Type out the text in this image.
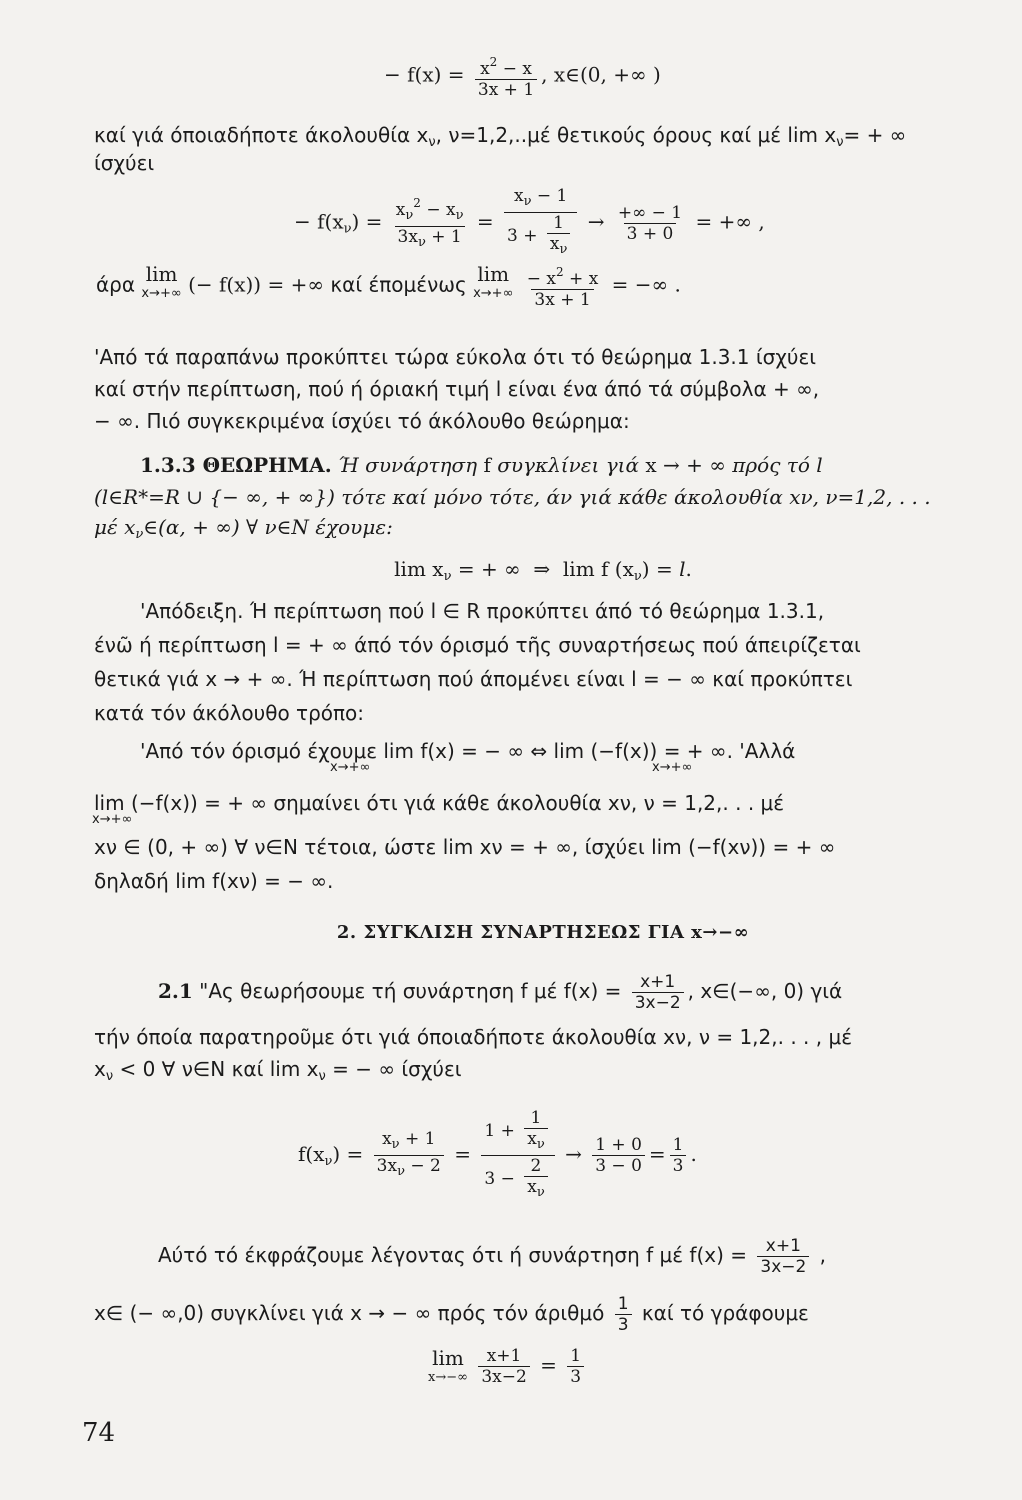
− $f(x) = \frac{x^2 - x}{3x + 1}$ , x∈(0, +∞ )
καί γιά όποιαδήποτε άκολουθία $x_\nu$, ν=1,2,..μέ θετικούς όρους καί μέ $\lim x_\nu=$ + ∞
ίσχύει
− $f(x_\nu) = \frac{x_\nu^2 - x_\nu}{3x_\nu + 1} = \frac{x_\nu - 1}{3 + \frac{1}{x_\nu}} \to \frac{+\infty - 1}{3 + 0}$ = +∞ ,
άρα lim
x→+∞ (− f(x)) = +∞ καί έπομένως lim
x→+∞
$\frac{- x^2 + x}{3x + 1}$ = −∞ .
'Από τά παραπάνω προκύπτει τώρα εύκολα ότι τό θεώρημα 1.3.1 ίσχύει
καί στήν περίπτωση, πού ή όριακή τιμή l είναι ένα άπό τά σύμβολα + ∞,
− ∞. Πιό συγκεκριμένα ίσχύει τό άκόλουθο θεώρημα:
1.3.3 ΘΕΩΡΗΜΑ. Ή συνάρτηση f συγκλίνει γιά x → + ∞ πρός τό l
(l∈R*=R ∪ {− ∞, + ∞}) τότε καί μόνο τότε, άν γιά κάθε άκολουθία xν, ν=1,2, . . .
μέ $x_\nu\in(\alpha$, + ∞) ∀ ν∈N έχουμε:
$\lim x_\nu$ = + ∞  ⇒  lim f $(x_\nu) = l$.
'Απόδειξη. Ή περίπτωση πού l ∈ R προκύπτει άπό τό θεώρημα 1.3.1,
ένῶ ή περίπτωση l = + ∞ άπό τόν όρισμό τῆς συναρτήσεως πού άπειρίζεται
θετικά γιά x → + ∞. Ή περίπτωση πού άπομένει είναι l = − ∞ καί προκύπτει
κατά τόν άκόλουθο τρόπο:
'Από τόν όρισμό έχουμε lim f(x) = − ∞ ⇔ lim (−f(x)) = + ∞. 'Αλλά
x→+∞	x→+∞
lim (−f(x)) = + ∞ σημαίνει ότι γιά κάθε άκολουθία xν, ν = 1,2,. . . μέ
x→+∞
xν ∈ (0, + ∞) ∀ ν∈N τέτοια, ώστε lim xν = + ∞, ίσχύει lim (−f(xν)) = + ∞
δηλαδή lim f(xν) = − ∞.
2. ΣΥΓΚΛΙΣΗ ΣΥΝΑΡΤΗΣΕΩΣ ΓΙΑ x→−∞
2.1 "Ας θεωρήσουμε τή συνάρτηση f μέ $f(x) = \frac{x+1}{3x-2}$ , x∈(−∞, 0) γιά
τήν όποία παρατηροῦμε ότι γιά όποιαδήποτε άκολουθία xν, ν = 1,2,. . . , μέ
$x_\nu < 0$ ∀ ν∈N καί $\lim x_\nu$ = − ∞ ίσχύει
$f(x_\nu) = \frac{x_\nu + 1}{3x_\nu - 2} = \frac{1 + \frac{1}{x_\nu}}{3 - \frac{2}{x_\nu}} \to \frac{1 + 0}{3 - 0} = \frac{1}{3}$ .
Αύτό τό έκφράζουμε λέγοντας ότι ή συνάρτηση f μέ $f(x) = \frac{x+1}{3x-2}$ ,
x∈ (− ∞,0) συγκλίνει γιά x → − ∞ πρός τόν άριθμό $\frac{1}{3}$ καί τό γράφουμε
lim
x→−∞
$\frac{x+1}{3x-2} = \frac{1}{3}$
74
